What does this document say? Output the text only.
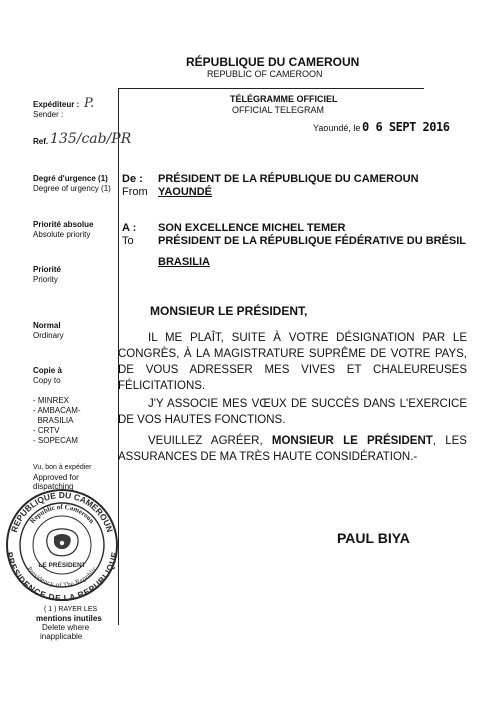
RÉPUBLIQUE DU CAMEROUN
REPUBLIC OF CAMEROON
TÉLÉGRAMME OFFICIEL
OFFICIAL TELEGRAM
Expéditeur :
Sender :
P.
Ref. 135/cab/PR
Degré d'urgence (1)
Degree of urgency (1)
Priorité absolue
Absolute priority
Priorité
Priority
Normal
Ordinary
Copie à
Copy to
- MINREX
- AMBACAM-
BRASILIA
- CRTV
- SOPECAM
Vu, bon à expédier
Approved for
dispatching
REPUBLIQUE DU CAMEROUN
PRESIDENCE DE LA REPUBLIQUE
Republic of Cameroon
Presidency of The Republic
LE PRÉSIDENT
( 1 ) RAYER LES
mentions inutiles
Delete where
inapplicable
Yaoundé, le 0 6 SEPT 2016
De :
From
PRÉSIDENT DE LA RÉPUBLIQUE DU CAMEROUN
YAOUNDÉ
A :
To
SON EXCELLENCE MICHEL TEMER
PRÉSIDENT DE LA RÉPUBLIQUE FÉDÉRATIVE DU BRÉSIL
BRASILIA
MONSIEUR LE PRÉSIDENT,
IL ME PLAÎT, SUITE À VOTRE DÉSIGNATION PAR LE CONGRÈS, À LA MAGISTRATURE SUPRÊME DE VOTRE PAYS, DE VOUS ADRESSER MES VIVES ET CHALEUREUSES FÉLICITATIONS.
J'Y ASSOCIE MES VŒUX DE SUCCÈS DANS L'EXERCICE DE VOS HAUTES FONCTIONS.
VEUILLEZ AGRÉER, MONSIEUR LE PRÉSIDENT, LES ASSURANCES DE MA TRÈS HAUTE CONSIDÉRATION.-
PAUL BIYA
